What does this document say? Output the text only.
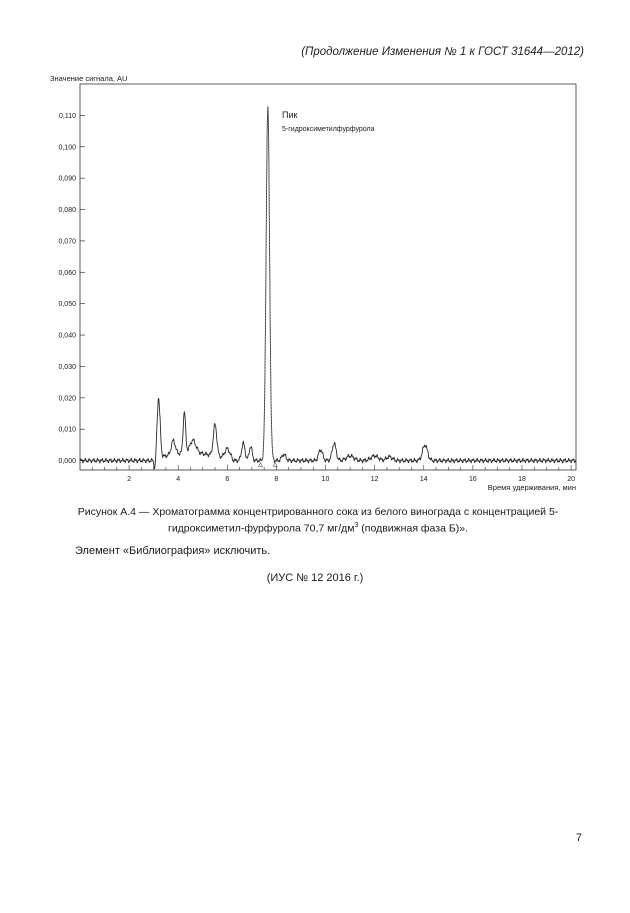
(Продолжение Изменения № 1 к ГОСТ 31644—2012)
Значение сигнала, AU
0,000
0,010
0,020
0,030
0,040
0,050
0,060
0,070
0,080
0,090
0,100
0,110
2	4	6	8	10	12	14	16	18	20
Время удерживания, мин
Пик
5-гидроксиметилфурфурола
Рисунок А.4 — Хроматограмма концентрированного сока из белого винограда с концентрацией 5-гидроксиметил-фурфурола 70,7 $мг/дм^3$ (подвижная фаза Б)».
Элемент «Библиография» исключить.
(ИУС № 12 2016 г.)
7
